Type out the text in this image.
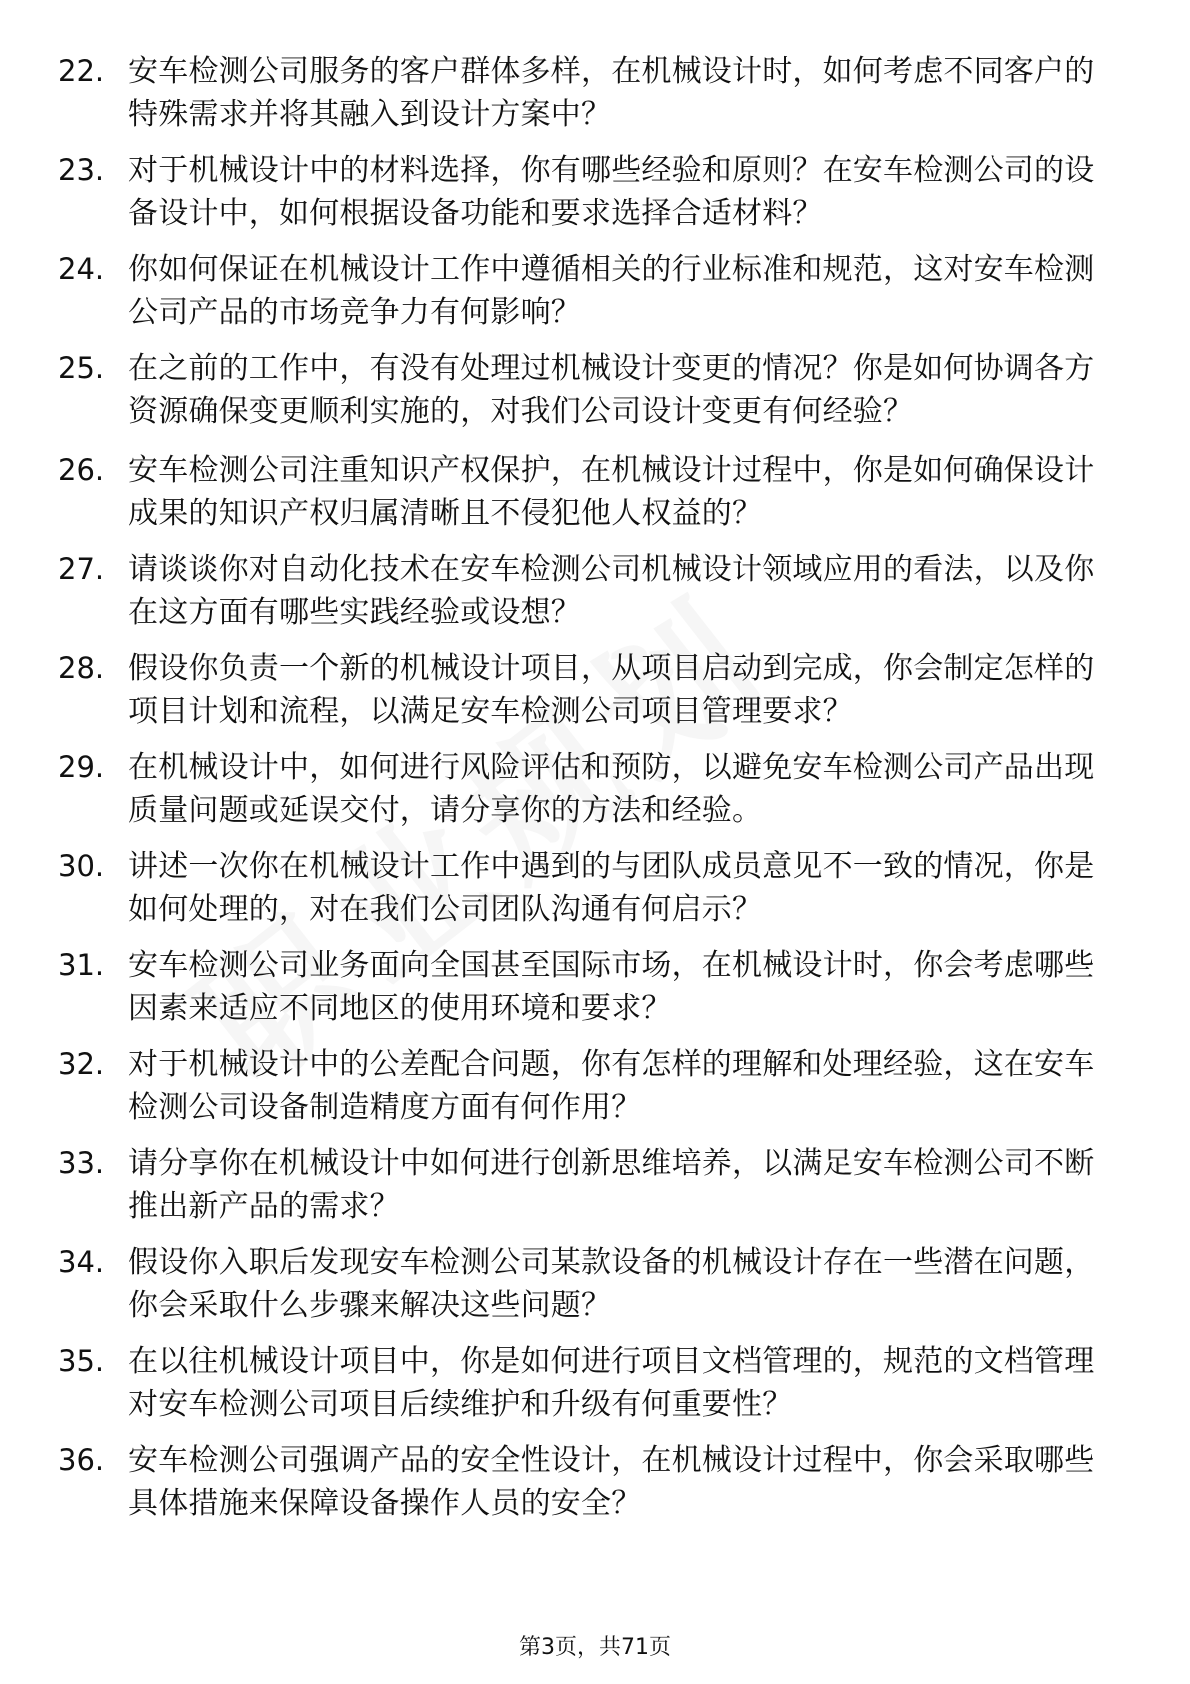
22. 安车检测公司服务的客户群体多样，在机械设计时，如何考虑不同客户的特殊需求并将其融入到设计方案中？
23. 对于机械设计中的材料选择，你有哪些经验和原则？在安车检测公司的设备设计中，如何根据设备功能和要求选择合适材料？
24. 你如何保证在机械设计工作中遵循相关的行业标准和规范，这对安车检测公司产品的市场竞争力有何影响？
25. 在之前的工作中，有没有处理过机械设计变更的情况？你是如何协调各方资源确保变更顺利实施的，对我们公司设计变更有何经验？
26. 安车检测公司注重知识产权保护，在机械设计过程中，你是如何确保设计成果的知识产权归属清晰且不侵犯他人权益的？
27. 请谈谈你对自动化技术在安车检测公司机械设计领域应用的看法，以及你在这方面有哪些实践经验或设想？
28. 假设你负责一个新的机械设计项目，从项目启动到完成，你会制定怎样的项目计划和流程，以满足安车检测公司项目管理要求？
29. 在机械设计中，如何进行风险评估和预防，以避免安车检测公司产品出现质量问题或延误交付，请分享你的方法和经验。
30. 讲述一次你在机械设计工作中遇到的与团队成员意见不一致的情况，你是如何处理的，对在我们公司团队沟通有何启示？
31. 安车检测公司业务面向全国甚至国际市场，在机械设计时，你会考虑哪些因素来适应不同地区的使用环境和要求？
32. 对于机械设计中的公差配合问题，你有怎样的理解和处理经验，这在安车检测公司设备制造精度方面有何作用？
33. 请分享你在机械设计中如何进行创新思维培养，以满足安车检测公司不断推出新产品的需求？
34. 假设你入职后发现安车检测公司某款设备的机械设计存在一些潜在问题，你会采取什么步骤来解决这些问题？
35. 在以往机械设计项目中，你是如何进行项目文档管理的，规范的文档管理对安车检测公司项目后续维护和升级有何重要性？
36. 安车检测公司强调产品的安全性设计，在机械设计过程中，你会采取哪些具体措施来保障设备操作人员的安全？
第3页，共71页
